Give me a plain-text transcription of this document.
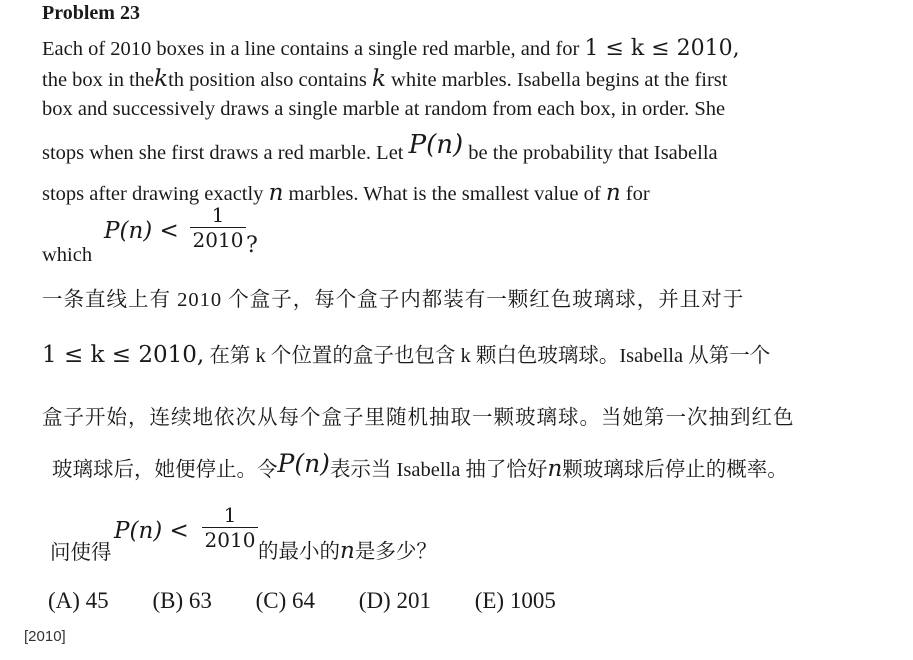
Problem 23
Each of 2010 boxes in a line contains a single red marble, and for 1 ≤ k ≤ 2010,
the box in thekth position also contains k white marbles. Isabella begins at the first
box and successively draws a single marble at random from each box, in order. She
stops when she first draws a red marble. Let P(n) be the probability that Isabella
stops after drawing exactly n marbles. What is the smallest value of n for
which
P(n) <
1
2010 ?
一条直线上有 2010 个盒子，每个盒子内都装有一颗红色玻璃球，并且对于
1 ≤ k ≤ 2010, 在第 k 个位置的盒子也包含 k 颗白色玻璃球。Isabella 从第一个
盒子开始，连续地依次从每个盒子里随机抽取一颗玻璃球。当她第一次抽到红色
玻璃球后，她便停止。令P(n)表示当 Isabella 抽了恰好n颗玻璃球后停止的概率。
问使得
P(n) <
1
2010 的最小的n是多少？
(A) 45 (B) 63 (C) 64 (D) 201 (E) 1005
[2010]
